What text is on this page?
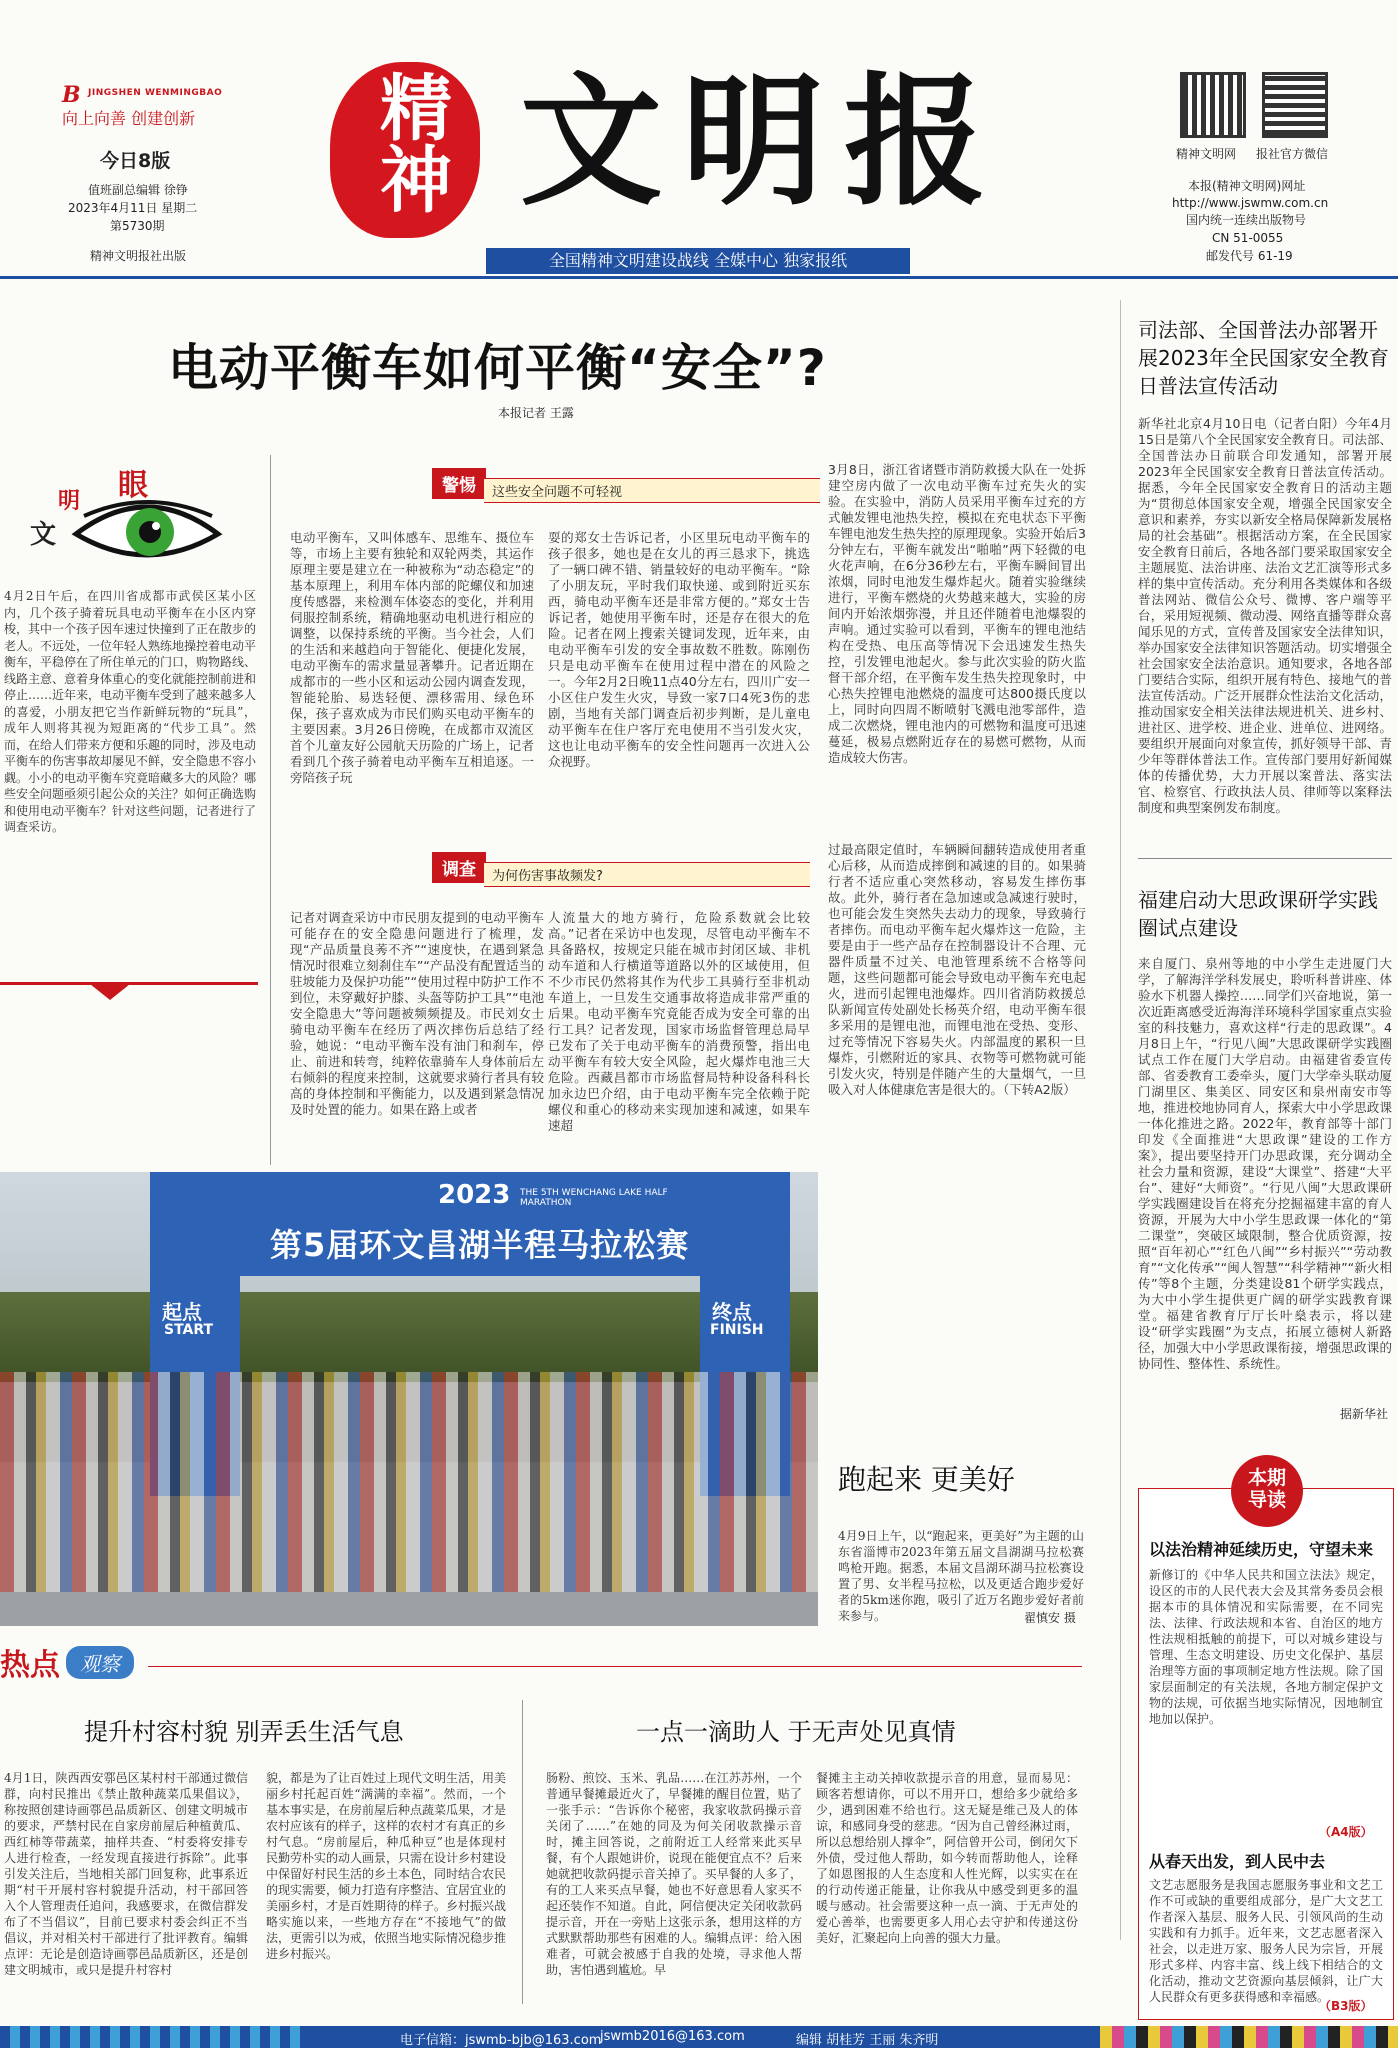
B JINGSHEN WENMINGBAO
向上向善 创建创新
今日8版
值班副总编辑 徐铮
2023年4月11日 星期二
第5730期
精神文明报社出版
精神 文明报
全国精神文明建设战线 全媒中心 独家报纸
精神文明网 报社官方微信
本报(精神文明网)网址
http://www.jswmw.com.cn
国内统一连续出版物号
CN 51-0055
邮发代号 61-19
电动平衡车如何平衡“安全”?
本报记者 王露
文
明 眼
4月2日午后，在四川省成都市武侯区某小区内，几个孩子骑着玩具电动平衡车在小区内穿梭，其中一个孩子因车速过快撞到了正在散步的老人。不远处，一位年轻人熟练地操控着电动平衡车，平稳停在了所住单元的门口，购物路线、线路主意、意着身体重心的变化就能控制前进和停止……近年来，电动平衡车受到了越来越多人的喜爱，小朋友把它当作新鲜玩物的“玩具”，成年人则将其视为短距离的“代步工具”。然而，在给人们带来方便和乐趣的同时，涉及电动平衡车的伤害事故却屡见不鲜，安全隐患不容小觑。小小的电动平衡车究竟暗藏多大的风险？哪些安全问题亟须引起公众的关注？如何正确选购和使用电动平衡车？针对这些问题，记者进行了调查采访。
警惕	这些安全问题不可轻视
电动平衡车，又叫体感车、思维车、摄位车等，市场上主要有独轮和双轮两类，其运作原理主要是建立在一种被称为“动态稳定”的基本原理上，利用车体内部的陀螺仪和加速度传感器，来检测车体姿态的变化，并利用伺服控制系统，精确地驱动电机进行相应的调整，以保持系统的平衡。当今社会，人们的生活和来越趋向于智能化、便捷化发展，电动平衡车的需求量显著攀升。记者近期在成都市的一些小区和运动公园内调查发现，智能轮胎、易迭轻便、漂移需用、绿色环保，孩子喜欢成为市民们购买电动平衡车的主要因素。3月26日傍晚，在成都市双流区首个儿童友好公园航天历险的广场上，记者看到几个孩子骑着电动平衡车互相追逐。一旁陪孩子玩
耍的郑女士告诉记者，小区里玩电动平衡车的孩子很多，她也是在女儿的再三恳求下，挑选了一辆口碑不错、销量较好的电动平衡车。“除了小朋友玩，平时我们取快递、或到附近买东西，骑电动平衡车还是非常方便的。”郑女士告诉记者，她使用平衡车时，还是存在很大的危险。记者在网上搜索关键词发现，近年来，由电动平衡车引发的安全事故数不胜数。陈刚伤只是电动平衡车在使用过程中潜在的风险之一。今年2月2日晚11点40分左右，四川广安一小区住户发生火灾，导致一家7口4死3伤的悲剧，当地有关部门调查后初步判断，是儿童电动平衡车在住户客厅充电使用不当引发火灾，这也让电动平衡车的安全性问题再一次进入公众视野。
3月8日，浙江省诸暨市消防救援大队在一处拆建空房内做了一次电动平衡车过充失火的实验。在实验中，消防人员采用平衡车过充的方式触发锂电池热失控，模拟在充电状态下平衡车锂电池发生热失控的原理现象。实验开始后3分钟左右，平衡车就发出“啪啪”两下轻微的电火花声响，在6分36秒左右，平衡车瞬间冒出浓烟，同时电池发生爆炸起火。随着实验继续进行，平衡车燃烧的火势越来越大，实验的房间内开始浓烟弥漫，并且还伴随着电池爆裂的声响。通过实验可以看到，平衡车的锂电池结构在受热、电压高等情况下会迅速发生热失控，引发锂电池起火。参与此次实验的防火监督干部介绍，在平衡车发生热失控现象时，中心热失控锂电池燃烧的温度可达800摄氏度以上，同时向四周不断喷射飞溅电池零部件，造成二次燃烧，锂电池内的可燃物和温度可迅速蔓延，极易点燃附近存在的易燃可燃物，从而造成较大伤害。
调查	为何伤害事故频发?
记者对调查采访中市民朋友提到的电动平衡车可能存在的安全隐患问题进行了梳理，发现“产品质量良莠不齐”“速度快，在遇到紧急情况时很难立刻刹住车”“产品没有配置适当的驻坡能力及保护功能”“使用过程中防护工作不到位，未穿戴好护膝、头盔等防护工具”“电池安全隐患大”等问题被频频提及。市民刘女士骑电动平衡车在经历了两次摔伤后总结了经验，她说：“电动平衡车没有油门和刹车，停止、前进和转弯，纯粹依靠骑车人身体前后左右倾斜的程度来控制，这就要求骑行者具有较高的身体控制和平衡能力，以及遇到紧急情况及时处置的能力。如果在路上或者
人流量大的地方骑行，危险系数就会比较高。”记者在采访中也发现，尽管电动平衡车不具备路权，按规定只能在城市封闭区域、非机动车道和人行横道等道路以外的区域使用，但不少市民仍然将其作为代步工具骑行至非机动车道上，一旦发生交通事故将造成非常严重的后果。电动平衡车究竟能否成为安全可靠的出行工具？记者发现，国家市场监督管理总局早已发布了关于电动平衡车的消费预警，指出电动平衡车有较大安全风险，起火爆炸电池三大危险。西藏昌都市市场监督局特种设备科科长加永边巴介绍，由于电动平衡车完全依赖于陀螺仪和重心的移动来实现加速和减速，如果车速超
过最高限定值时，车辆瞬间翻转造成使用者重心后移，从而造成摔倒和减速的目的。如果骑行者不适应重心突然移动，容易发生摔伤事故。此外，骑行者在急加速或急减速行驶时，也可能会发生突然失去动力的现象，导致骑行者摔伤。而电动平衡车起火爆炸这一危险，主要是由于一些产品存在控制器设计不合理、元器件质量不过关、电池管理系统不合格等问题，这些问题都可能会导致电动平衡车充电起火，进而引起锂电池爆炸。四川省消防救援总队新闻宣传处副处长杨英介绍，电动平衡车很多采用的是锂电池，而锂电池在受热、变形、过充等情况下容易失火。内部温度的累积一旦爆炸，引燃附近的家具、衣物等可燃物就可能引发火灾，特别是伴随产生的大量烟气，一旦吸入对人体健康危害是很大的。（下转A2版）
司法部、全国普法办部署开展2023年全民国家安全教育日普法宣传活动
新华社北京4月10日电（记者白阳）今年4月15日是第八个全民国家安全教育日。司法部、全国普法办日前联合印发通知，部署开展2023年全民国家安全教育日普法宣传活动。据悉，今年全民国家安全教育日的活动主题为“贯彻总体国家安全观，增强全民国家安全意识和素养，夯实以新安全格局保障新发展格局的社会基础”。根据活动方案，在全民国家安全教育日前后，各地各部门要采取国家安全主题展览、法治讲座、法治文艺汇演等形式多样的集中宣传活动。充分利用各类媒体和各级普法网站、微信公众号、微博、客户端等平台，采用短视频、微动漫、网络直播等群众喜闻乐见的方式，宣传普及国家安全法律知识，举办国家安全法律知识答题活动。切实增强全社会国家安全法治意识。通知要求，各地各部门要结合实际，组织开展有特色、接地气的普法宣传活动。广泛开展群众性法治文化活动，推动国家安全相关法律法规进机关、进乡村、进社区、进学校、进企业、进单位、进网络。要组织开展面向对象宣传，抓好领导干部、青少年等群体普法工作。宣传部门要用好新闻媒体的传播优势，大力开展以案普法、落实法官、检察官、行政执法人员、律师等以案释法制度和典型案例发布制度。
福建启动大思政课研学实践圈试点建设
来自厦门、泉州等地的中小学生走进厦门大学，了解海洋学科发展史，聆听科普讲座、体验水下机器人操控……同学们兴奋地说，第一次近距离感受近海海洋环境科学国家重点实验室的科技魅力，喜欢这样“行走的思政课”。4月8日上午，“行见八闽”大思政课研学实践圈试点工作在厦门大学启动。由福建省委宣传部、省委教育工委牵头，厦门大学牵头联动厦门湖里区、集美区、同安区和泉州南安市等地，推进校地协同育人，探索大中小学思政课一体化推进之路。2022年，教育部等十部门印发《全面推进“大思政课”建设的工作方案》，提出要坚持开门办思政课，充分调动全社会力量和资源，建设“大课堂”、搭建“大平台”、建好“大师资”。“行见八闽”大思政课研学实践圈建设旨在将充分挖掘福建丰富的育人资源，开展为大中小学生思政课一体化的“第二课堂”，突破区域限制，整合优质资源，按照“百年初心”“红色八闽”“乡村振兴”“劳动教育”“文化传承”“闽人智慧”“科学精神”“新火相传”等8个主题，分类建设81个研学实践点，为大中小学生提供更广阔的研学实践教育课堂。福建省教育厅厅长叶燊表示，将以建设“研学实践圈”为支点，拓展立德树人新路径，加强大中小学思政课衔接，增强思政课的协同性、整体性、系统性。
据新华社
2023 THE 5TH WENCHANG LAKE HALF MARATHON
第5届环文昌湖半程马拉松赛
起点
START
终点
FINISH
跑起来 更美好
4月9日上午，以“跑起来，更美好”为主题的山东省淄博市2023年第五届文昌湖湖马拉松赛鸣枪开跑。据悉，本届文昌湖环湖马拉松赛设置了男、女半程马拉松，以及更适合跑步爱好者的5km迷你跑，吸引了近万名跑步爱好者前来参与。	翟慎安 摄
热点	观察
提升村容村貌 别弄丢生活气息
4月1日，陕西西安鄠邑区某村村干部通过微信群，向村民推出《禁止散种蔬菜瓜果倡议》，称按照创建诗画鄠邑品质新区、创建文明城市的要求，严禁村民在自家房前屋后种植黄瓜、西红柿等带蔬菜，抽样共查、“村委将安排专人进行检查，一经发现直接进行拆除”。此事引发关注后，当地相关部门回复称，此事系近期“村干开展村容村貌提升活动，村干部回答入个人管理责任追问，我感要求，在微信群发布了不当倡议”，目前已要求村委会纠正不当倡议，并对相关村干部进行了批评教育。编辑点评：无论是创造诗画鄠邑品质新区，还是创建文明城市，或只是提升村容村
貌，都是为了让百姓过上现代文明生活，用美丽乡村托起百姓“满满的幸福”。然而，一个基本事实是，在房前屋后种点蔬菜瓜果，才是农村应该有的样子，这样的农村才有真正的乡村气息。“房前屋后，种瓜种豆”也是体现村民勤劳朴实的动人画景，只需在设计乡村建设中保留好村民生活的乡土本色，同时结合农民的现实需要，倾力打造有序整洁、宜居宜业的美丽乡村，才是百姓期待的样子。乡村振兴战略实施以来，一些地方存在“不接地气”的做法，更需引以为戒，依照当地实际情况稳步推进乡村振兴。
一点一滴助人 于无声处见真情
肠粉、煎饺、玉米、乳品……在江苏苏州，一个普通早餐摊最近火了，早餐摊的醒目位置，贴了一张手示：“告诉你个秘密，我家收款码操示音关闭了……”在她的同及为何关闭收款操示音时，摊主回答说，之前附近工人经常来此买早餐，有个人跟她讲价，说现在能便宜点不？后来她就把收款码提示音关掉了。买早餐的人多了，有的工人来买点早餐，她也不好意思看人家买不起还装作不知道。自此，阿信便决定关闭收款码提示音，开在一旁贴上这张示条，想用这样的方式默默帮助那些有困难的人。编辑点评：给入困难者，可就会被感于自我的处境，寻求他人帮助，害怕遇到尴尬。早
餐摊主主动关掉收款提示音的用意，显而易见：顾客若想请你，可以不用开口，想给多少就给多少，遇到困难不给也行。这无疑是维己及人的体谅，和感同身受的慈悲。“因为自己曾经淋过雨，所以总想给别人撑伞”，阿信曾开公司，倒闭欠下外债，受过他人帮助，如今转而帮助他人，诠释了如恩图报的人生态度和人性光辉，以实实在在的行动传递正能量，让你我从中感受到更多的温暖与感动。社会需要这种一点一滴、于无声处的爱心善举，也需要更多人用心去守护和传递这份美好，汇聚起向上向善的强大力量。
本期导读
以法治精神延续历史，守望未来
新修订的《中华人民共和国立法法》规定，设区的市的人民代表大会及其常务委员会根据本市的具体情况和实际需要，在不同宪法、法律、行政法规和本省、自治区的地方性法规相抵触的前提下，可以对城乡建设与管理、生态文明建设、历史文化保护、基层治理等方面的事项制定地方性法规。除了国家层面制定的有关法规，各地方制定保护文物的法规，可依据当地实际情况，因地制宜地加以保护。
（A4版）
从春天出发，到人民中去
文艺志愿服务是我国志愿服务事业和文艺工作不可或缺的重要组成部分，是广大文艺工作者深入基层、服务人民、引领风尚的生动实践和有力抓手。近年来，文艺志愿者深入社会，以走进万家、服务人民为宗旨，开展形式多样、内容丰富、线上线下相结合的文化活动，推动文艺资源向基层倾斜，让广大人民群众有更多获得感和幸福感。
（B3版）
电子信箱：jswmb-bjb@163.com
jswmb2016@163.com	编辑 胡桂芳 王丽 朱齐明
